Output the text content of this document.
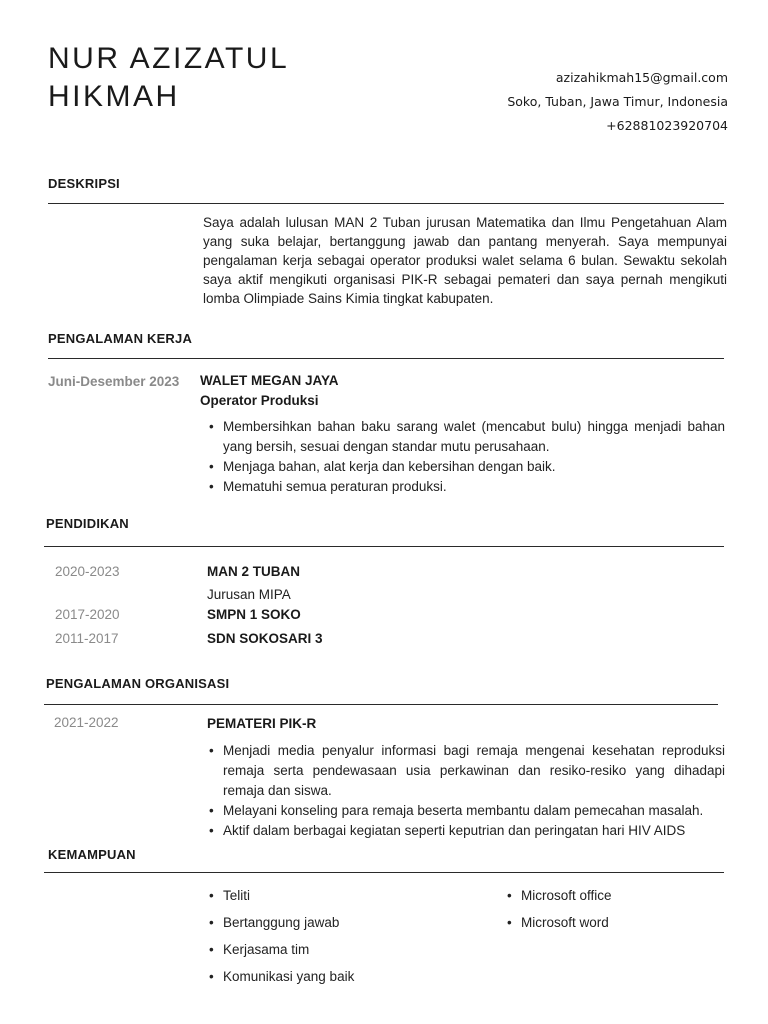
NUR AZIZATUL
HIKMAH
azizahikmah15@gmail.com
Soko, Tuban, Jawa Timur, Indonesia
+62881023920704
DESKRIPSI
Saya adalah lulusan MAN 2 Tuban jurusan Matematika dan Ilmu Pengetahuan Alam yang suka belajar, bertanggung jawab dan pantang menyerah. Saya mempunyai pengalaman kerja sebagai operator produksi walet selama 6 bulan. Sewaktu sekolah saya aktif mengikuti organisasi PIK-R sebagai pemateri dan saya pernah mengikuti lomba Olimpiade Sains Kimia tingkat kabupaten.
PENGALAMAN KERJA
Juni-Desember 2023 WALET MEGAN JAYA
Operator Produksi
• Membersihkan bahan baku sarang walet (mencabut bulu) hingga menjadi bahan yang bersih, sesuai dengan standar mutu perusahaan.
• Menjaga bahan, alat kerja dan kebersihan dengan baik.
• Mematuhi semua peraturan produksi.
PENDIDIKAN
2020-2023	MAN 2 TUBAN
Jurusan MIPA
2017-2020	SMPN 1 SOKO
2011-2017	SDN SOKOSARI 3
PENGALAMAN ORGANISASI
2021-2022	PEMATERI PIK-R
• Menjadi media penyalur informasi bagi remaja mengenai kesehatan reproduksi remaja serta pendewasaan usia perkawinan dan resiko-resiko yang dihadapi remaja dan siswa.
• Melayani konseling para remaja beserta membantu dalam pemecahan masalah.
• Aktif dalam berbagai kegiatan seperti keputrian dan peringatan hari HIV AIDS
KEMAMPUAN
• Teliti
• Bertanggung jawab
• Kerjasama tim
• Komunikasi yang baik
• Microsoft office
• Microsoft word
